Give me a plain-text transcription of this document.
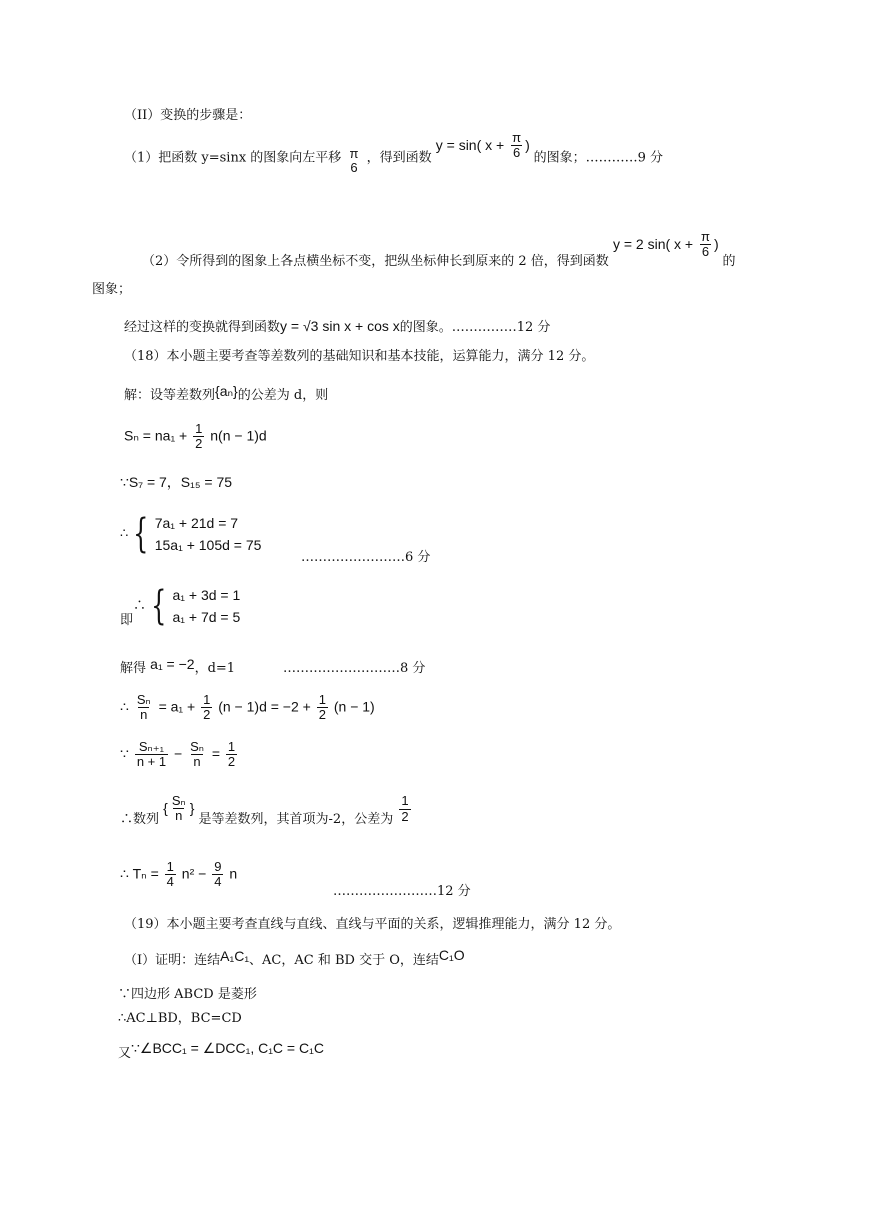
（II）变换的步骤是：
（1）把函数 y=sinx 的图象向左平移 π
6
，得到函数 y = sin( $x + \frac{\pi}{6}$ ) 的图象；…………9 分
（2）令所得到的图象上各点横坐标不变，把纵坐标伸长到原来的 2 倍，得到函数 y = 2 sin( $x + \frac{\pi}{6}$ ) 的
图象；
经过这样的变换就得到函数y = √3 sin x + cos x的图象。……………12 分
（18）本小题主要考查等差数列的基础知识和基本技能，运算能力，满分 12 分。
解：设等差数列{aₙ}的公差为 d，则
$S_n = na_1 + \frac{1}{2} n(n - 1)d$
∵S₇ = 7，S₁₅ = 75
∴ { 7a₁ + 21d = 7
15a₁ + 105d = 75
……………………6 分
即∴ { a₁ + 3d = 1
a₁ + 7d = 5
解得 a₁ = −2，d=1	………………………8 分
∴ $\frac{\text{Sₙ}}{n} = a_1 + \frac{1}{2} (n - 1)d = -2 + \frac{1}{2} (n - 1)$
∵ $\frac{\text{Sₙ₊₁}}{n + 1} - \frac{\text{Sₙ}}{n} = \frac{1}{2}$
∴数列 { $\frac{\text{Sₙ}}{n}$ } 是等差数列，其首项为-2，公差为 $\frac{1}{2}$
∴ $T_n = \frac{1}{4} n^2 - \frac{9}{4}$ n
……………………12 分
（19）本小题主要考查直线与直线、直线与平面的关系，逻辑推理能力，满分 12 分。
（I）证明：连结A₁C₁、AC，AC 和 BD 交于 O，连结C₁O
∵四边形 ABCD 是菱形
∴AC⊥BD，BC=CD
又∵∠BCC₁ = ∠DCC₁, C₁C = C₁C
